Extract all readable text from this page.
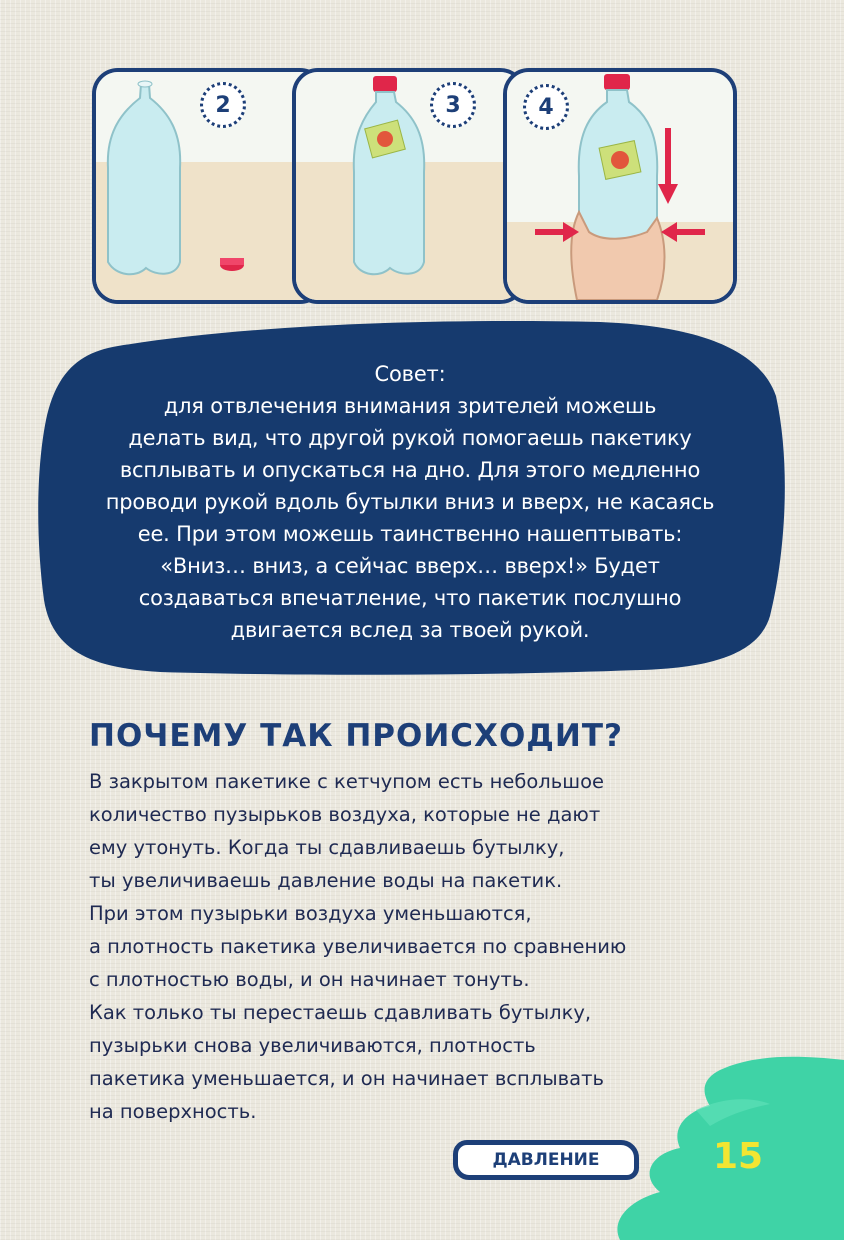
2	3	4
Совет:
для отвлечения внимания зрителей можешь
делать вид, что другой рукой помогаешь пакетику
всплывать и опускаться на дно. Для этого медленно
проводи рукой вдоль бутылки вниз и вверх, не касаясь
ее. При этом можешь таинственно нашептывать:
«Вниз… вниз, а сейчас вверх… вверх!» Будет
создаваться впечатление, что пакетик послушно
двигается вслед за твоей рукой.
ПОЧЕМУ ТАК ПРОИСХОДИТ?
В закрытом пакетике с кетчупом есть небольшое
количество пузырьков воздуха, которые не дают
ему утонуть. Когда ты сдавливаешь бутылку,
ты увеличиваешь давление воды на пакетик.
При этом пузырьки воздуха уменьшаются,
а плотность пакетика увеличивается по сравнению
с плотностью воды, и он начинает тонуть.
Как только ты перестаешь сдавливать бутылку,
пузырьки снова увеличиваются, плотность
пакетика уменьшается, и он начинает всплывать
на поверхность.
ДАВЛЕНИЕ	15
